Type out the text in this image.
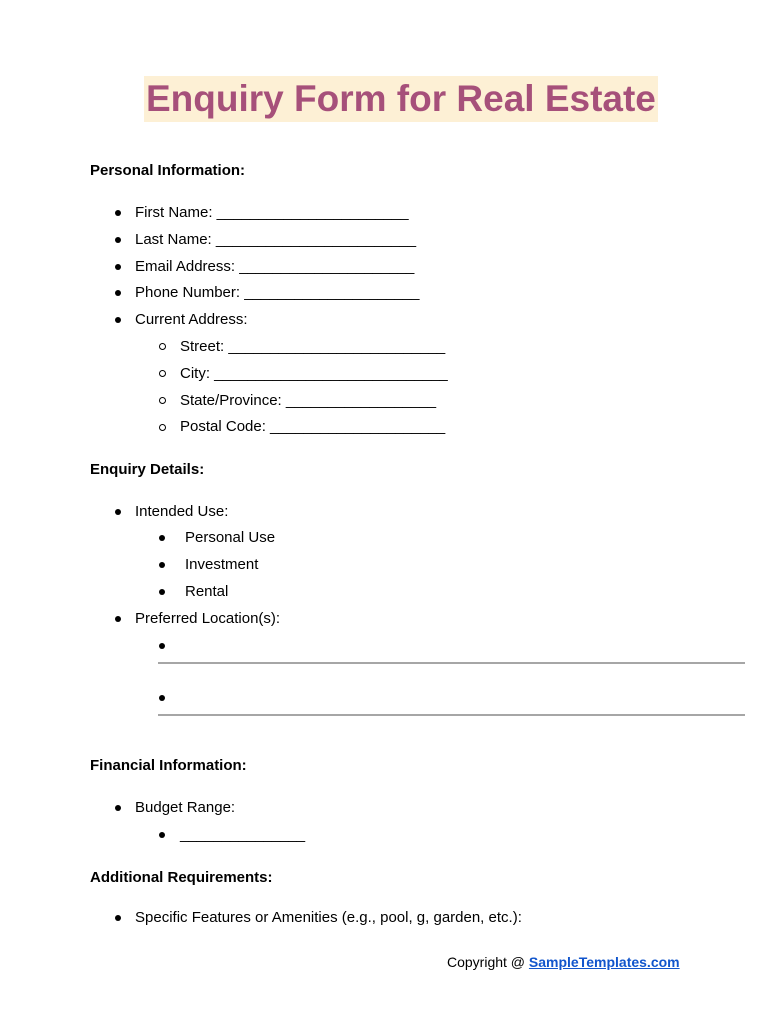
Enquiry Form for Real Estate
Personal Information:
First Name: _______________________
Last Name: ________________________
Email Address: _____________________
Phone Number: _____________________
Current Address:
Street: __________________________
City: ____________________________
State/Province: __________________
Postal Code: _____________________
Enquiry Details:
Intended Use:
Personal Use
Investment
Rental
Preferred Location(s):
Financial Information:
Budget Range:
_______________
Additional Requirements:
Specific Features or Amenities (e.g., pool, g, garden, etc.):
Copyright @ SampleTemplates.com
